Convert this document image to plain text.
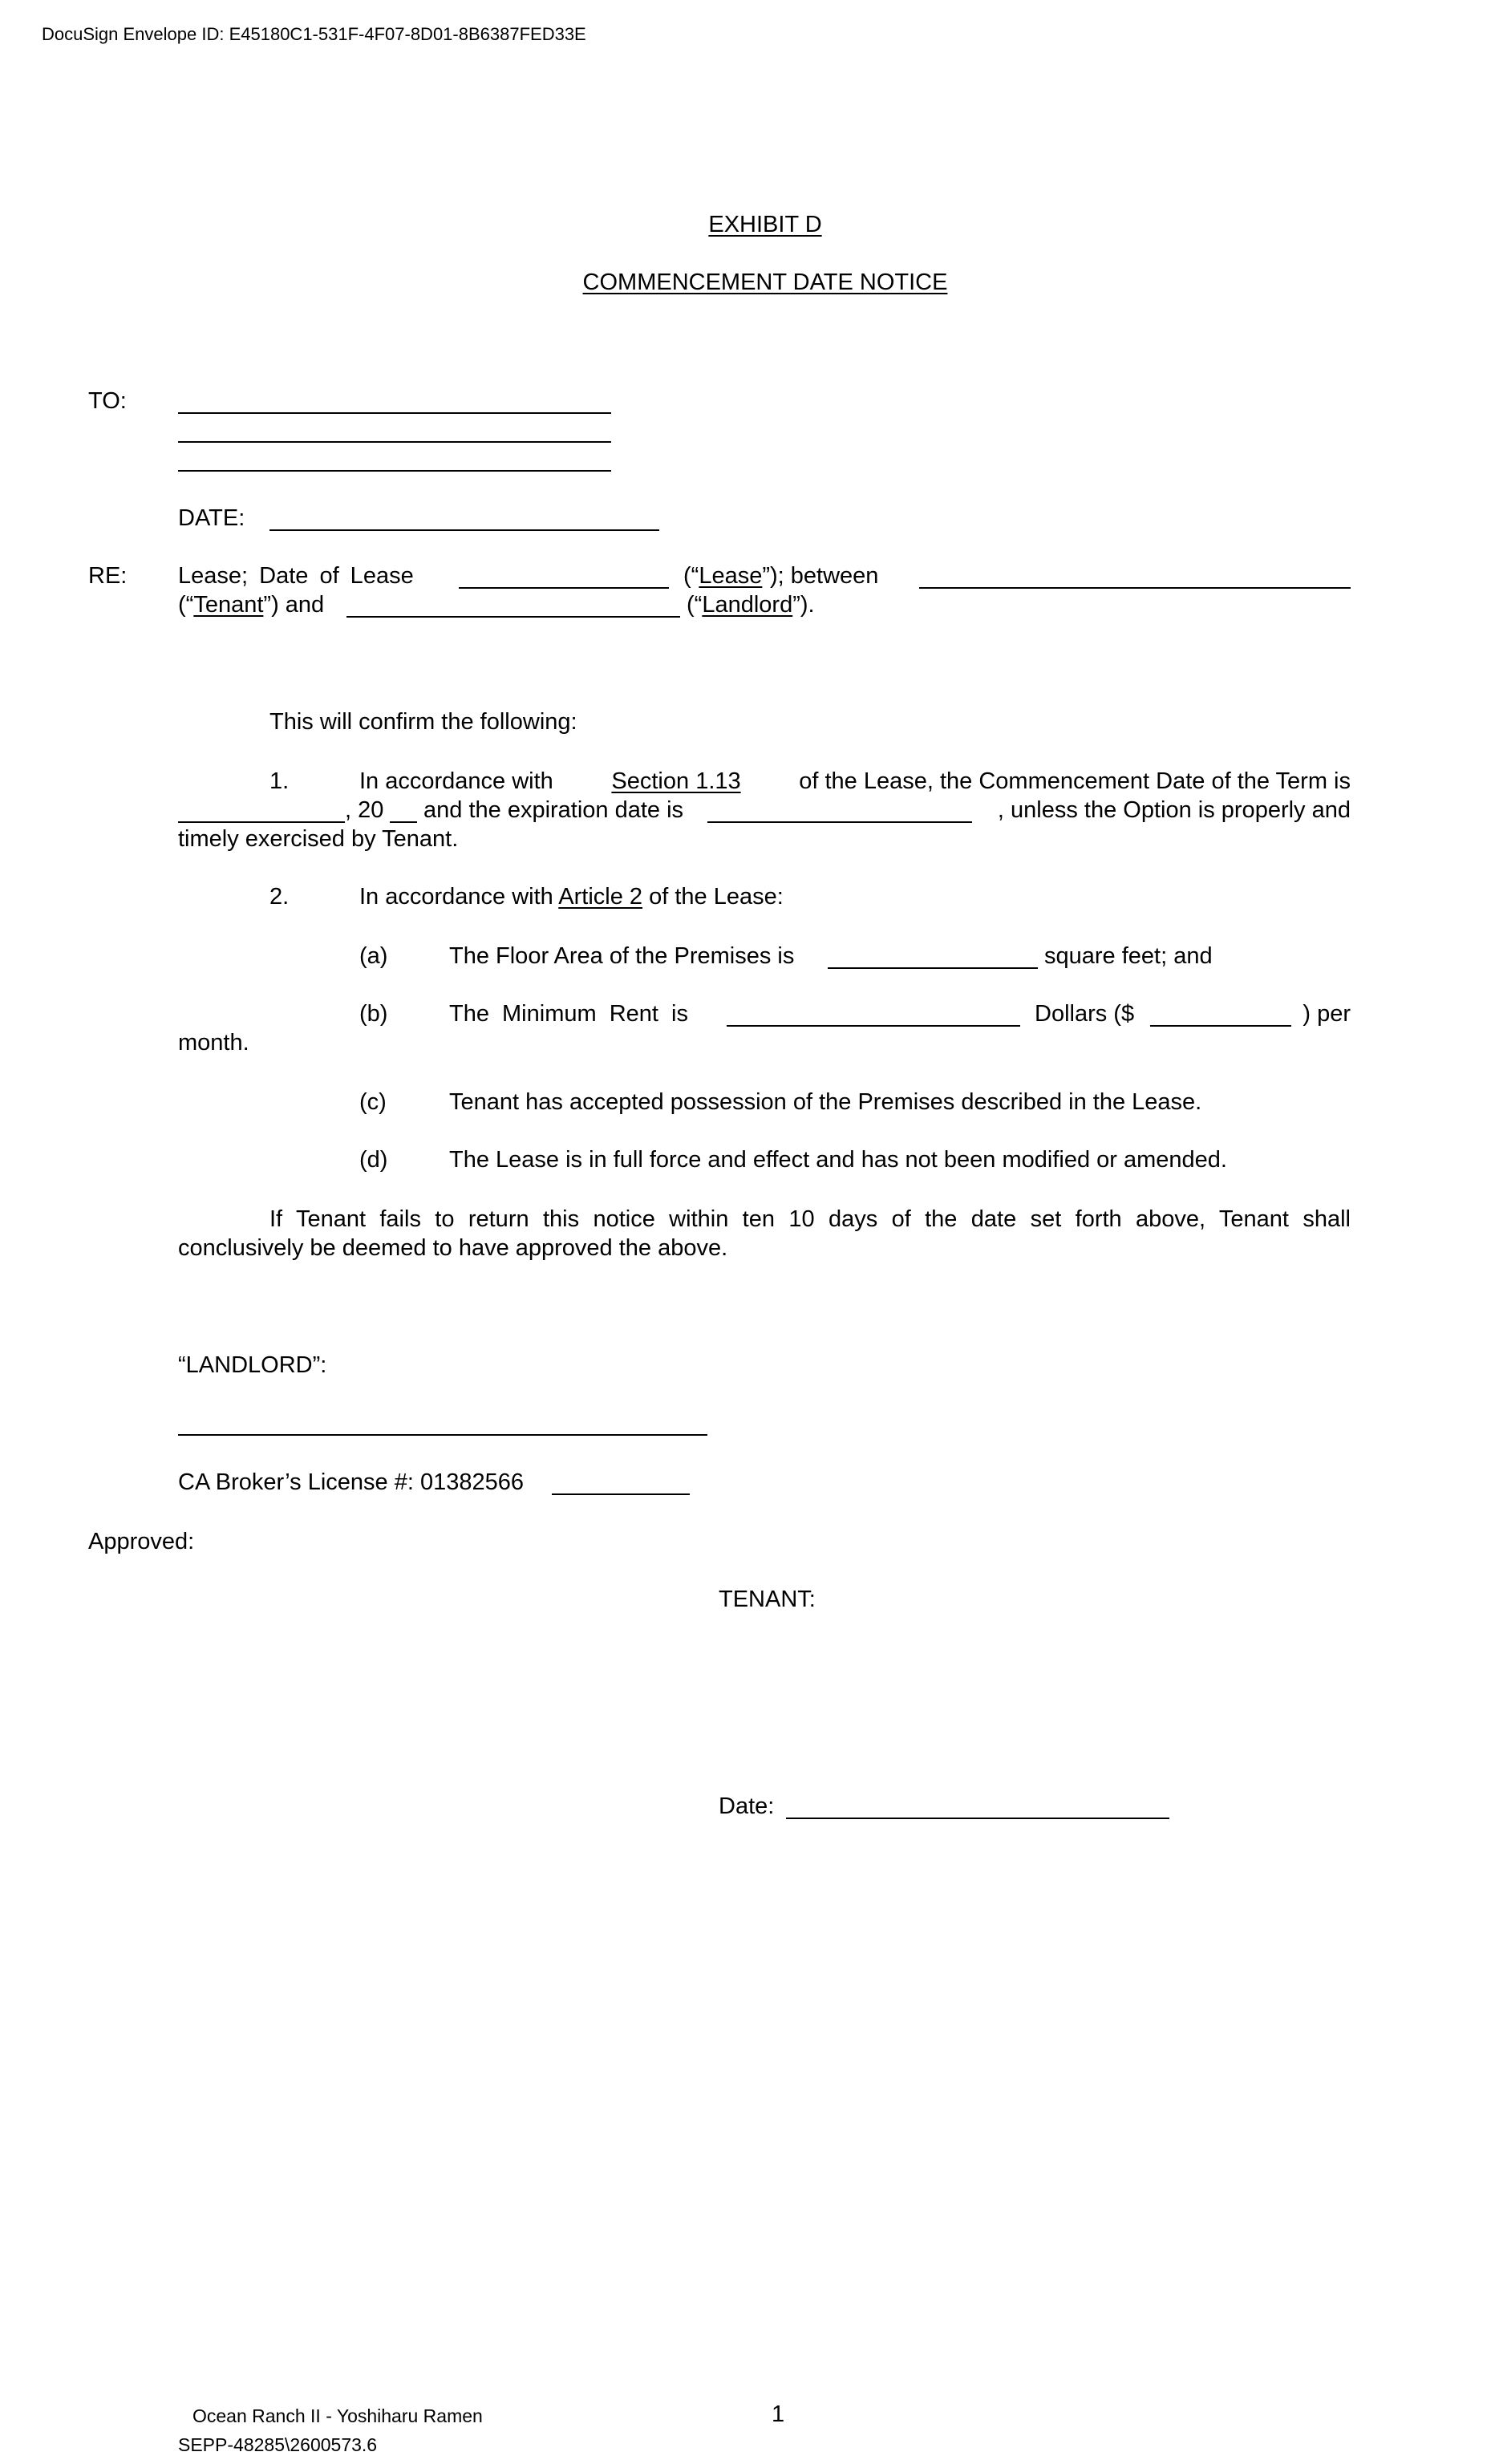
DocuSign Envelope ID: E45180C1-531F-4F07-8D01-8B6387FED33E
EXHIBIT D
COMMENCEMENT DATE NOTICE
TO:
DATE:
RE: Lease; Date of Lease	(“Lease”); between
(“Tenant”) and	(“Landlord”).
This will confirm the following:
1.	In accordance with	Section 1.13	of the Lease, the Commencement Date of the Term is
, 20 and the expiration date is	, unless the Option is properly and
timely exercised by Tenant.
2.	In accordance with Article 2 of the Lease:
(a)	The Floor Area of the Premises is	square feet; and
(b)	The Minimum Rent is	Dollars ($	) per
month.
(c)	Tenant has accepted possession of the Premises described in the Lease.
(d)	The Lease is in full force and effect and has not been modified or amended.
If Tenant fails to return this notice within ten 10 days of the date set forth above, Tenant shall
conclusively be deemed to have approved the above.
“LANDLORD”:
CA Broker’s License #: 01382566
Approved:
TENANT:
Date:
Ocean Ranch II - Yoshiharu Ramen	1
SEPP-48285\2600573.6
